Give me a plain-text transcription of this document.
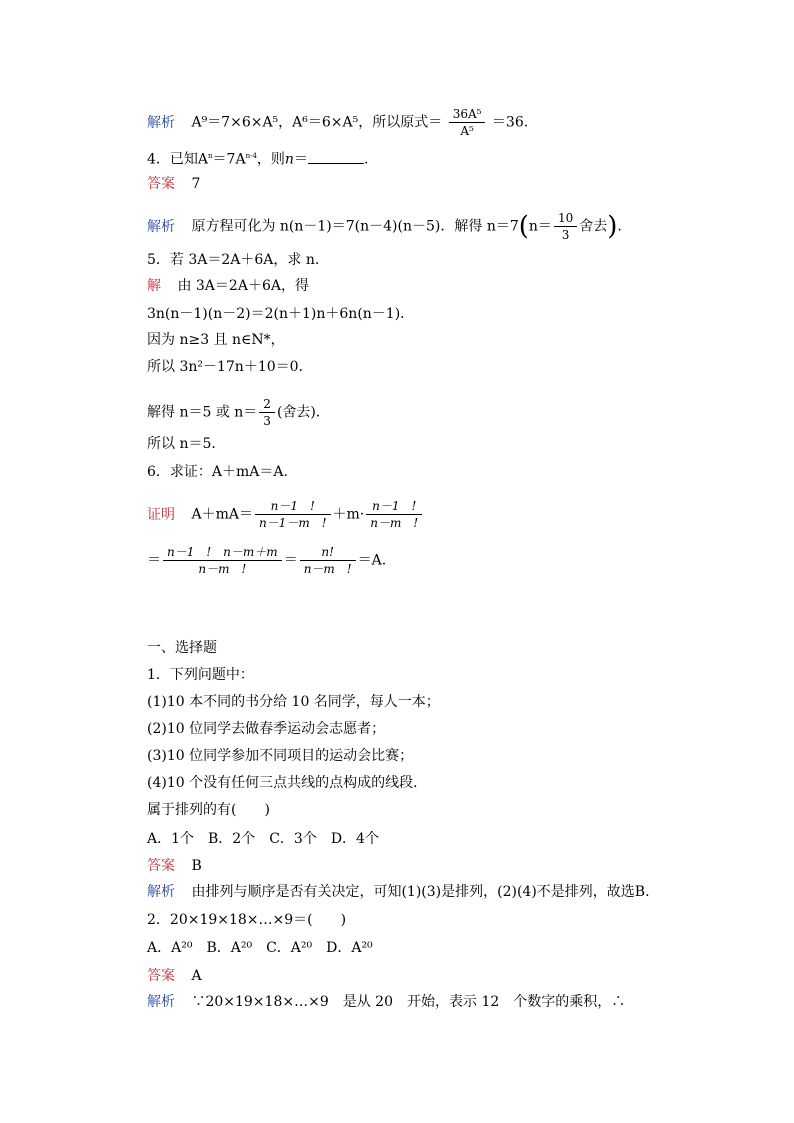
解析 A⁹＝7×6×A⁵，A⁶＝6×A⁵，所以原式＝ $\frac{\text{36A⁵}}{\text{A⁵}} =36$.
4．已知$A^n=7A^{n-4}$，则n＝	.
答案 7
解析 原方程可化为 n(n－1)＝7(n－4)(n－5)．解得 $n=7(n= \frac{10}{3}$ 舍去).
5．若 3A＝2A＋6A，求 n.
解 由 3A＝2A＋6A，得
3n(n－1)(n－2)＝2(n＋1)n＋6n(n－1)．
因为 n≥3 且 n∈N*，
所以 3n²－17n＋10＝0.
解得 n＝5 或 $n= \frac{2}{3}$ (舍去)．
所以 n＝5.
6．求证：A＋mA＝A.
证明 $A+mA= \frac{n-1 !}{n-1-m !} +m\cdot \frac{n-1 !}{n-m !}$
＝ $\frac{n-1 ! n-m+m}{n-m !} = \frac{n!}{n-m !} =A$.
一、选择题
1．下列问题中：
(1)10 本不同的书分给 10 名同学，每人一本；
(2)10 位同学去做春季运动会志愿者；
(3)10 位同学参加不同项目的运动会比赛；
(4)10 个没有任何三点共线的点构成的线段．
属于排列的有(　　)
A．1个　B．2个　C．3个　D．4个
答案 B
解析 由排列与顺序是否有关决定，可知(1)(3)是排列，(2)(4)不是排列，故选B.
2．20×19×18×…×9＝(　　)
A．A²⁰　B．A²⁰　C．A²⁰　D．A²⁰
答案 A
解析 ∵20×19×18×…×9　是从 20　开始，表示 12　个数字的乘积，∴
